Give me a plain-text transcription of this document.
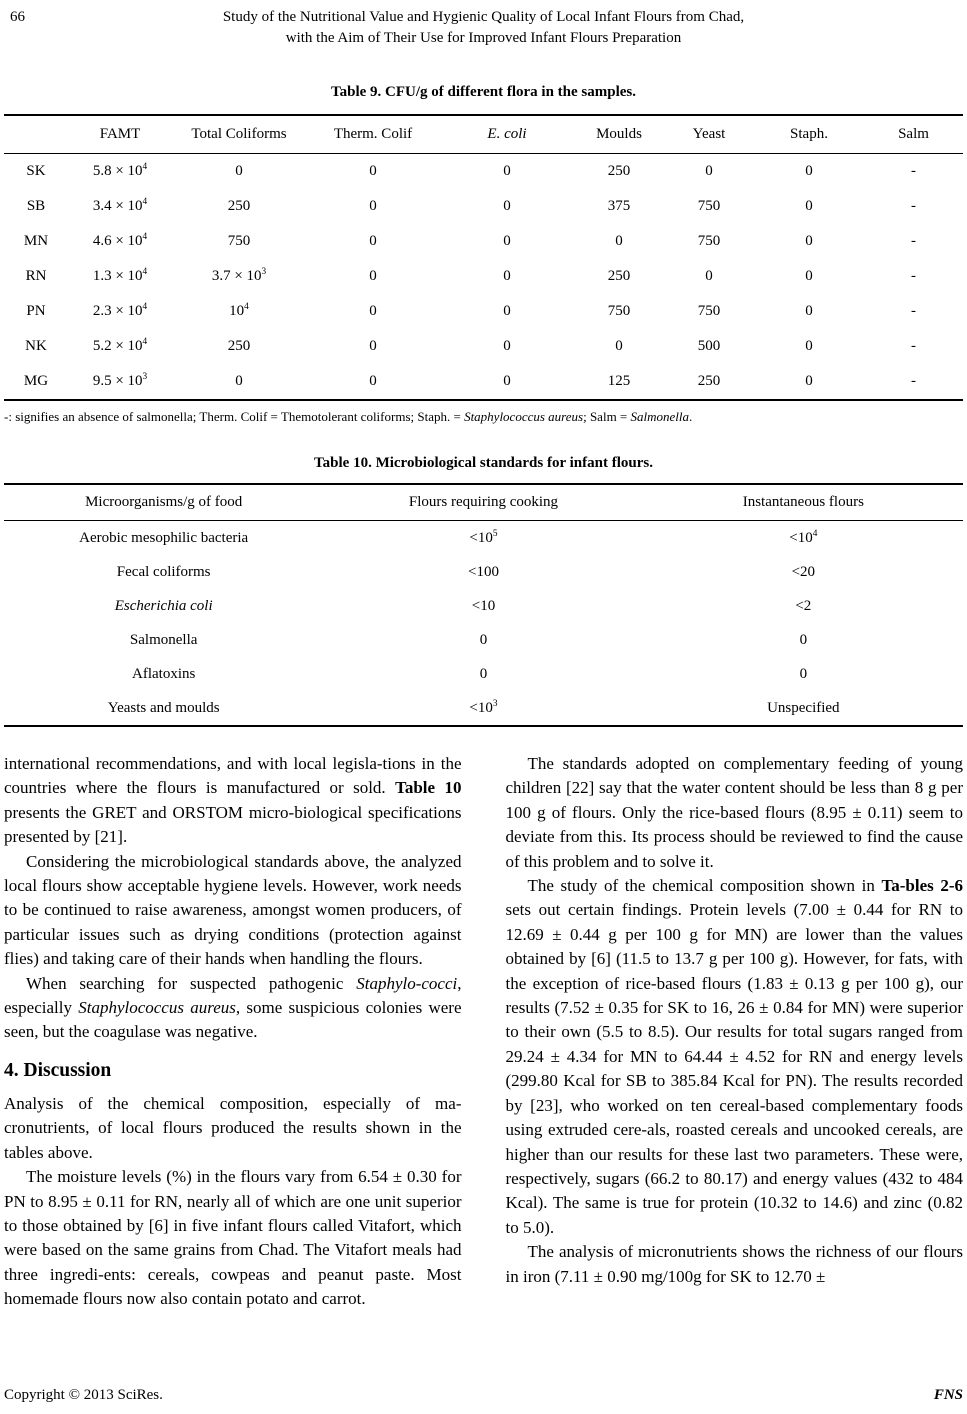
66	Study of the Nutritional Value and Hygienic Quality of Local Infant Flours from Chad,
with the Aim of Their Use for Improved Infant Flours Preparation
Table 9. CFU/g of different flora in the samples.
	FAMT	Total Coliforms	Therm. Colif	E. coli	Moulds	Yeast	Staph.	Salm
SK	$5.8 \times 10^4$	0	0	0	250	0	0	-
SB	$3.4 \times 10^4$	250	0	0	375	750	0	-
MN	$4.6 \times 10^4$	750	0	0	0	750	0	-
RN	$1.3 \times 10^4$	$3.7 \times 10^3$	0	0	250	0	0	-
PN	$2.3 \times 10^4$	$10^4$	0	0	750	750	0	-
NK	$5.2 \times 10^4$	250	0	0	0	500	0	-
MG	$9.5 \times 10^3$	0	0	0	125	250	0	-
-: signifies an absence of salmonella; Therm. Colif = Themotolerant coliforms; Staph. = Staphylococcus aureus; Salm = Salmonella.
Table 10. Microbiological standards for infant flours.
Microorganisms/g of food	Flours requiring cooking	Instantaneous flours
Aerobic mesophilic bacteria	$<10^5$	$<10^4$
Fecal coliforms	<100	<20
Escherichia coli	<10	<2
Salmonella	0	0
Aflatoxins	0	0
Yeasts and moulds	$<10^3$	Unspecified

international recommendations, and with local legisla-tions in the countries where the flours is manufactured or sold. Table 10 presents the GRET and ORSTOM micro-biological specifications presented by [21].

Considering the microbiological standards above, the analyzed local flours show acceptable hygiene levels. However, work needs to be continued to raise awareness, amongst women producers, of particular issues such as drying conditions (protection against flies) and taking care of their hands when handling the flours.

When searching for suspected pathogenic Staphylo-cocci, especially Staphylococcus aureus, some suspicious colonies were seen, but the coagulase was negative.

4. Discussion

Analysis of the chemical composition, especially of ma-cronutrients, of local flours produced the results shown in the tables above.

The moisture levels (%) in the flours vary from 6.54 ± 0.30 for PN to 8.95 ± 0.11 for RN, nearly all of which are one unit superior to those obtained by [6] in five infant flours called Vitafort, which were based on the same grains from Chad. The Vitafort meals had three ingredi-ents: cereals, cowpeas and peanut paste. Most homemade flours now also contain potato and carrot.

The standards adopted on complementary feeding of young children [22] say that the water content should be less than 8 g per 100 g of flours. Only the rice-based flours (8.95 ± 0.11) seem to deviate from this. Its process should be reviewed to find the cause of this problem and to solve it.

The study of the chemical composition shown in Ta-bles 2-6 sets out certain findings. Protein levels (7.00 ± 0.44 for RN to 12.69 ± 0.44 g per 100 g for MN) are lower than the values obtained by [6] (11.5 to 13.7 g per 100 g). However, for fats, with the exception of rice-based flours (1.83 ± 0.13 g per 100 g), our results (7.52 ± 0.35 for SK to 16, 26 ± 0.84 for MN) were superior to their own (5.5 to 8.5). Our results for total sugars ranged from 29.24 ± 4.34 for MN to 64.44 ± 4.52 for RN and energy levels (299.80 Kcal for SB to 385.84 Kcal for PN). The results recorded by [23], who worked on ten cereal-based complementary foods using extruded cere-als, roasted cereals and uncooked cereals, are higher than our results for these last two parameters. These were, respectively, sugars (66.2 to 80.17) and energy values (432 to 484 Kcal). The same is true for protein (10.32 to 14.6) and zinc (0.82 to 5.0).

The analysis of micronutrients shows the richness of our flours in iron (7.11 ± 0.90 mg/100g for SK to 12.70 ±

Copyright © 2013 SciRes.	FNS
